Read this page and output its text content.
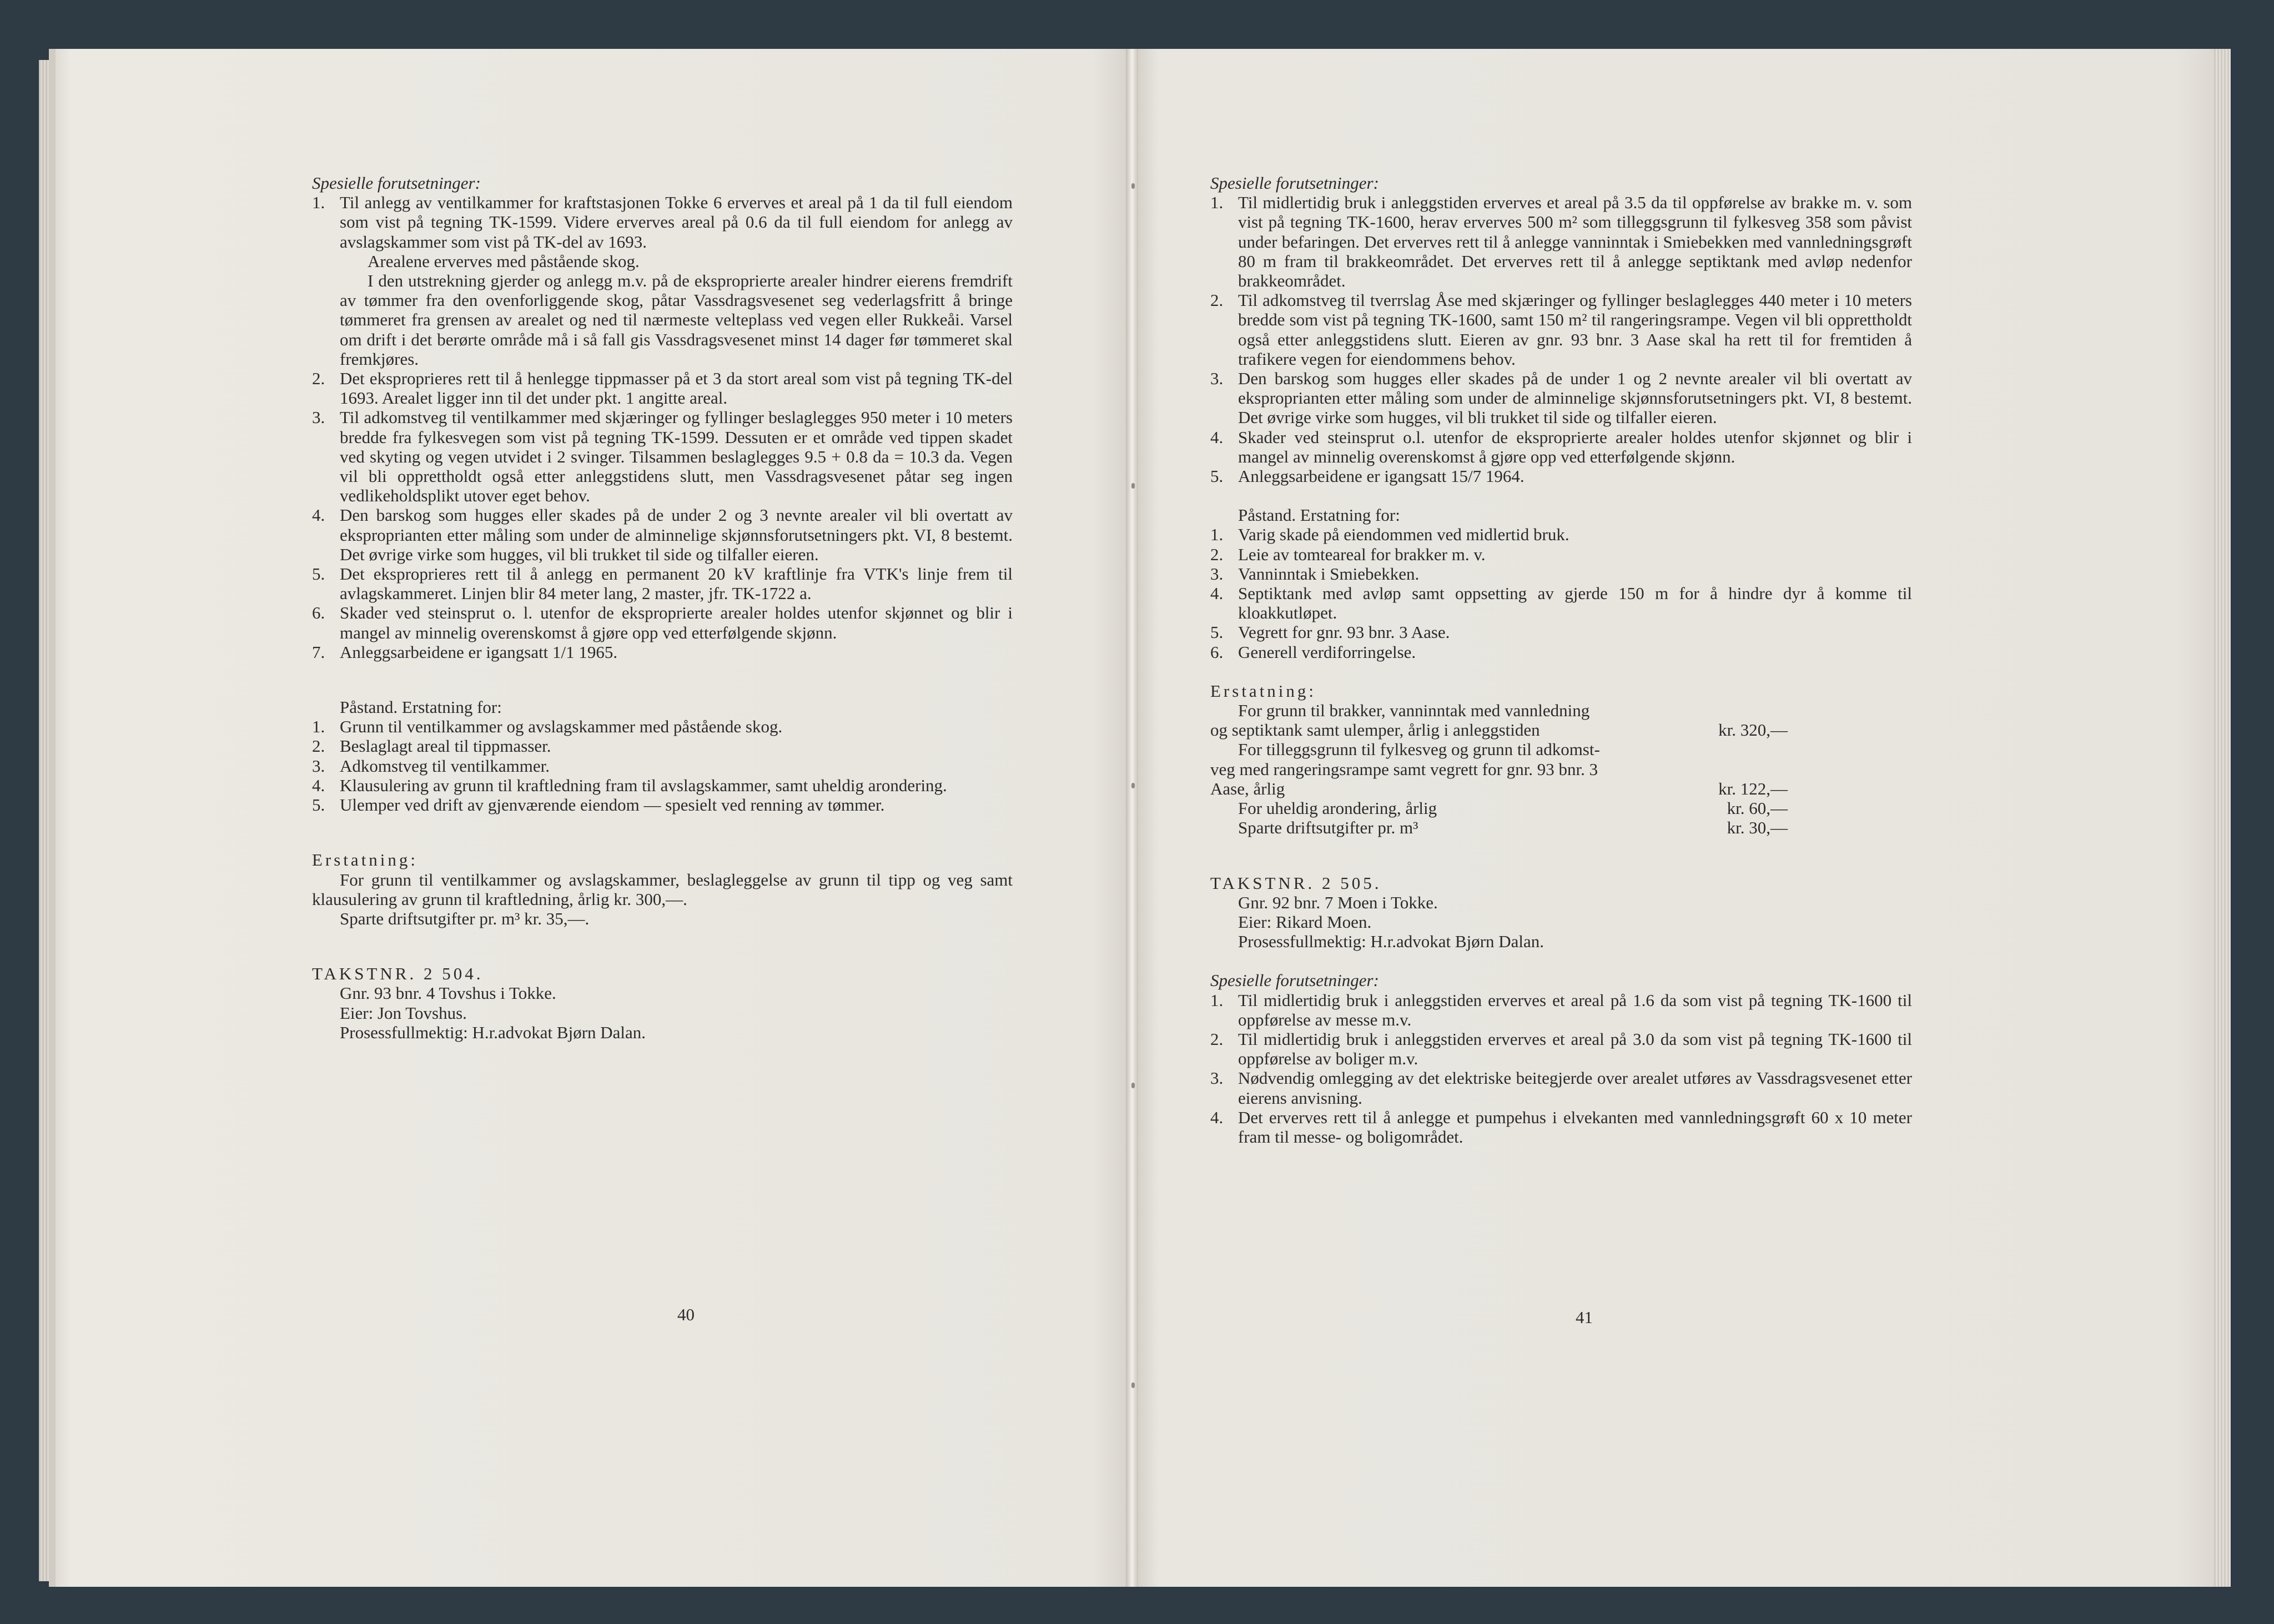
Spesielle forutsetninger:

1. Til anlegg av ventilkammer for kraftstasjonen Tokke 6 erverves et areal på 1 da til full eiendom som vist på tegning TK-1599. Videre erverves areal på 0.6 da til full eiendom for anlegg av avslagskammer som vist på TK-del av 1693.

Arealene erverves med påstående skog.

I den utstrekning gjerder og anlegg m.v. på de eksproprierte arealer hindrer eierens fremdrift av tømmer fra den ovenforliggende skog, påtar Vassdragsvesenet seg vederlagsfritt å bringe tømmeret fra grensen av arealet og ned til nærmeste velteplass ved vegen eller Rukkeåi. Varsel om drift i det berørte område må i så fall gis Vassdragsvesenet minst 14 dager før tømmeret skal fremkjøres.

2. Det eksproprieres rett til å henlegge tippmasser på et 3 da stort areal som vist på tegning TK-del 1693. Arealet ligger inn til det under pkt. 1 angitte areal.
3. Til adkomstveg til ventilkammer med skjæringer og fyllinger beslaglegges 950 meter i 10 meters bredde fra fylkesvegen som vist på tegning TK-1599. Dessuten er et område ved tippen skadet ved skyting og vegen utvidet i 2 svinger. Tilsammen beslaglegges 9.5 + 0.8 da = 10.3 da. Vegen vil bli opprettholdt også etter anleggstidens slutt, men Vassdragsvesenet påtar seg ingen vedlikeholdsplikt utover eget behov.
4. Den barskog som hugges eller skades på de under 2 og 3 nevnte arealer vil bli overtatt av eksproprianten etter måling som under de alminnelige skjønnsforutsetningers pkt. VI, 8 bestemt. Det øvrige virke som hugges, vil bli trukket til side og tilfaller eieren.
5. Det eksproprieres rett til å anlegg en permanent 20 kV kraftlinje fra VTK's linje frem til avlagskammeret. Linjen blir 84 meter lang, 2 master, jfr. TK-1722 a.
6. Skader ved steinsprut o. l. utenfor de eksproprierte arealer holdes utenfor skjønnet og blir i mangel av minnelig overenskomst å gjøre opp ved etterfølgende skjønn.
7. Anleggsarbeidene er igangsatt 1/1 1965.

Påstand. Erstatning for:

1. Grunn til ventilkammer og avslagskammer med påstående skog.
2. Beslaglagt areal til tippmasser.
3. Adkomstveg til ventilkammer.
4. Klausulering av grunn til kraftledning fram til avslagskammer, samt uheldig arondering.
5. Ulemper ved drift av gjenværende eiendom — spesielt ved renning av tømmer.

Erstatning:

For grunn til ventilkammer og avslagskammer, beslagleggelse av grunn til tipp og veg samt klausulering av grunn til kraftledning, årlig kr. 300,—.

Sparte driftsutgifter pr. m³ kr. 35,—.

TAKSTNR. 2 504.

Gnr. 93 bnr. 4 Tovshus i Tokke.

Eier: Jon Tovshus.

Prosessfullmektig: H.r.advokat Bjørn Dalan.

40

Spesielle forutsetninger:

1. Til midlertidig bruk i anleggstiden erverves et areal på 3.5 da til oppførelse av brakke m. v. som vist på tegning TK-1600, herav erverves 500 m² som tilleggsgrunn til fylkesveg 358 som påvist under befaringen. Det erverves rett til å anlegge vanninntak i Smiebekken med vannledningsgrøft 80 m fram til brakkeområdet. Det erverves rett til å anlegge septiktank med avløp nedenfor brakkeområdet.
2. Til adkomstveg til tverrslag Åse med skjæringer og fyllinger beslaglegges 440 meter i 10 meters bredde som vist på tegning TK-1600, samt 150 m² til rangeringsrampe. Vegen vil bli opprettholdt også etter anleggstidens slutt. Eieren av gnr. 93 bnr. 3 Aase skal ha rett til for fremtiden å trafikere vegen for eiendommens behov.
3. Den barskog som hugges eller skades på de under 1 og 2 nevnte arealer vil bli overtatt av eksproprianten etter måling som under de alminnelige skjønnsforutsetningers pkt. VI, 8 bestemt. Det øvrige virke som hugges, vil bli trukket til side og tilfaller eieren.
4. Skader ved steinsprut o.l. utenfor de eksproprierte arealer holdes utenfor skjønnet og blir i mangel av minnelig overenskomst å gjøre opp ved etterfølgende skjønn.
5. Anleggsarbeidene er igangsatt 15/7 1964.

Påstand. Erstatning for:

1. Varig skade på eiendommen ved midlertid bruk.
2. Leie av tomteareal for brakker m. v.
3. Vanninntak i Smiebekken.
4. Septiktank med avløp samt oppsetting av gjerde 150 m for å hindre dyr å komme til kloakkutløpet.
5. Vegrett for gnr. 93 bnr. 3 Aase.
6. Generell verdiforringelse.

Erstatning:

For grunn til brakker, vanninntak med vannledning

og septiktank samt ulemper, årlig i anleggstiden	kr. 320,—

For tilleggsgrunn til fylkesveg og grunn til adkomst-

veg med rangeringsrampe samt vegrett for gnr. 93 bnr. 3

Aase, årlig	kr. 122,—
For uheldig arondering, årlig	kr. 60,—
Sparte driftsutgifter pr. m³	kr. 30,—

TAKSTNR. 2 505.

Gnr. 92 bnr. 7 Moen i Tokke.

Eier: Rikard Moen.

Prosessfullmektig: H.r.advokat Bjørn Dalan.

Spesielle forutsetninger:

1. Til midlertidig bruk i anleggstiden erverves et areal på 1.6 da som vist på tegning TK-1600 til oppførelse av messe m.v.
2. Til midlertidig bruk i anleggstiden erverves et areal på 3.0 da som vist på tegning TK-1600 til oppførelse av boliger m.v.
3. Nødvendig omlegging av det elektriske beitegjerde over arealet utføres av Vassdragsvesenet etter eierens anvisning.
4. Det erverves rett til å anlegge et pumpehus i elvekanten med vannledningsgrøft 60 x 10 meter fram til messe- og boligområdet.
41
